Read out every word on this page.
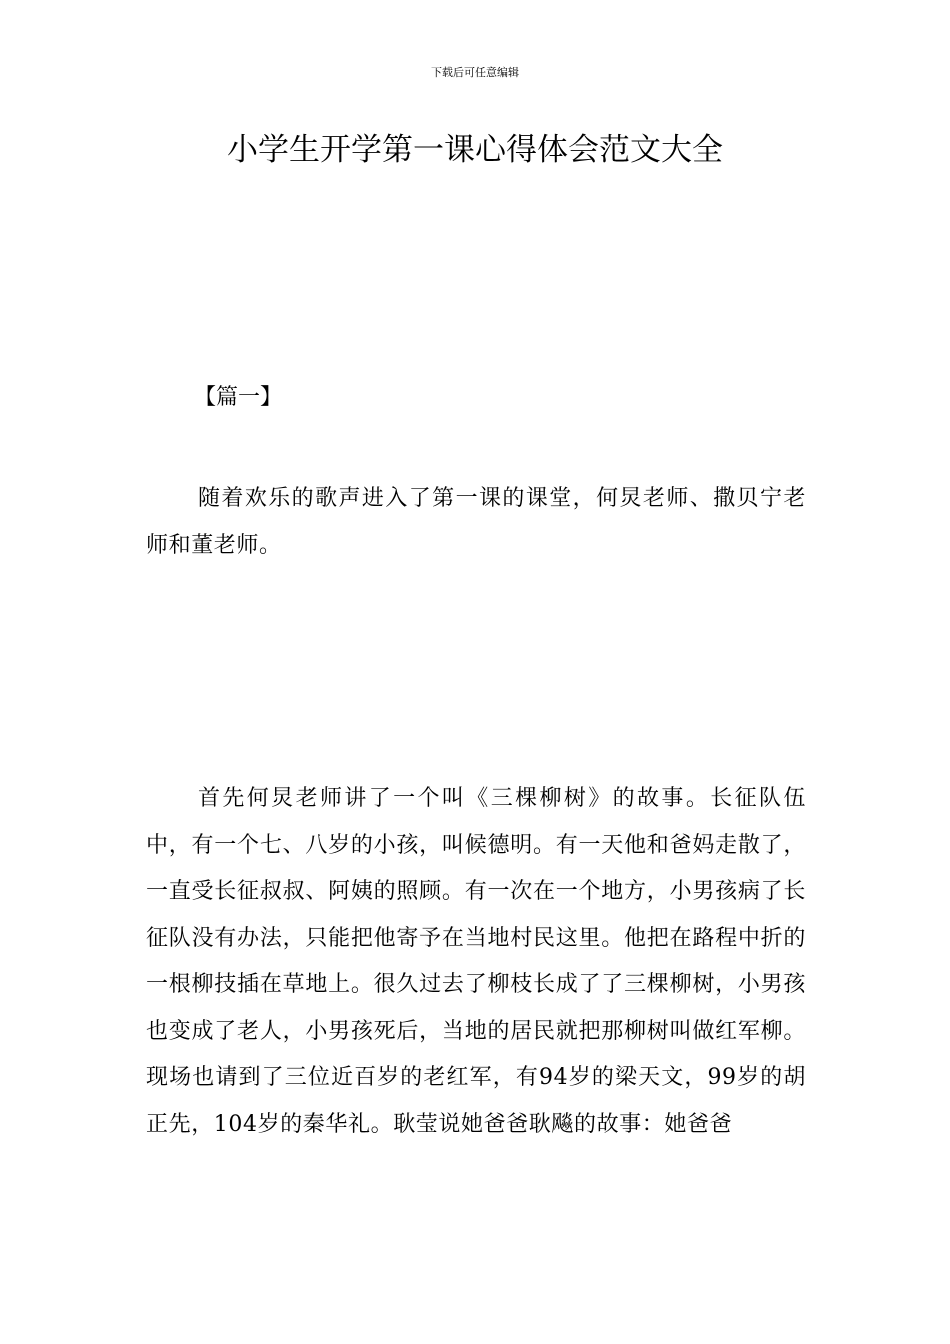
下载后可任意编辑
小学生开学第一课心得体会范文大全
【篇一】

随着欢乐的歌声进入了第一课的课堂，何炅老师、撒贝宁老师和董老师。

首先何炅老师讲了一个叫《三棵柳树》的故事。长征队伍中，有一个七、八岁的小孩，叫候德明。有一天他和爸妈走散了，一直受长征叔叔、阿姨的照顾。有一次在一个地方，小男孩病了长征队没有办法，只能把他寄予在当地村民这里。他把在路程中折的一根柳技插在草地上。很久过去了柳枝长成了了三棵柳树，小男孩也变成了老人，小男孩死后，当地的居民就把那柳树叫做红军柳。现场也请到了三位近百岁的老红军，有94岁的梁天文，99岁的胡正先，104岁的秦华礼。耿莹说她爸爸耿飚的故事：她爸爸
